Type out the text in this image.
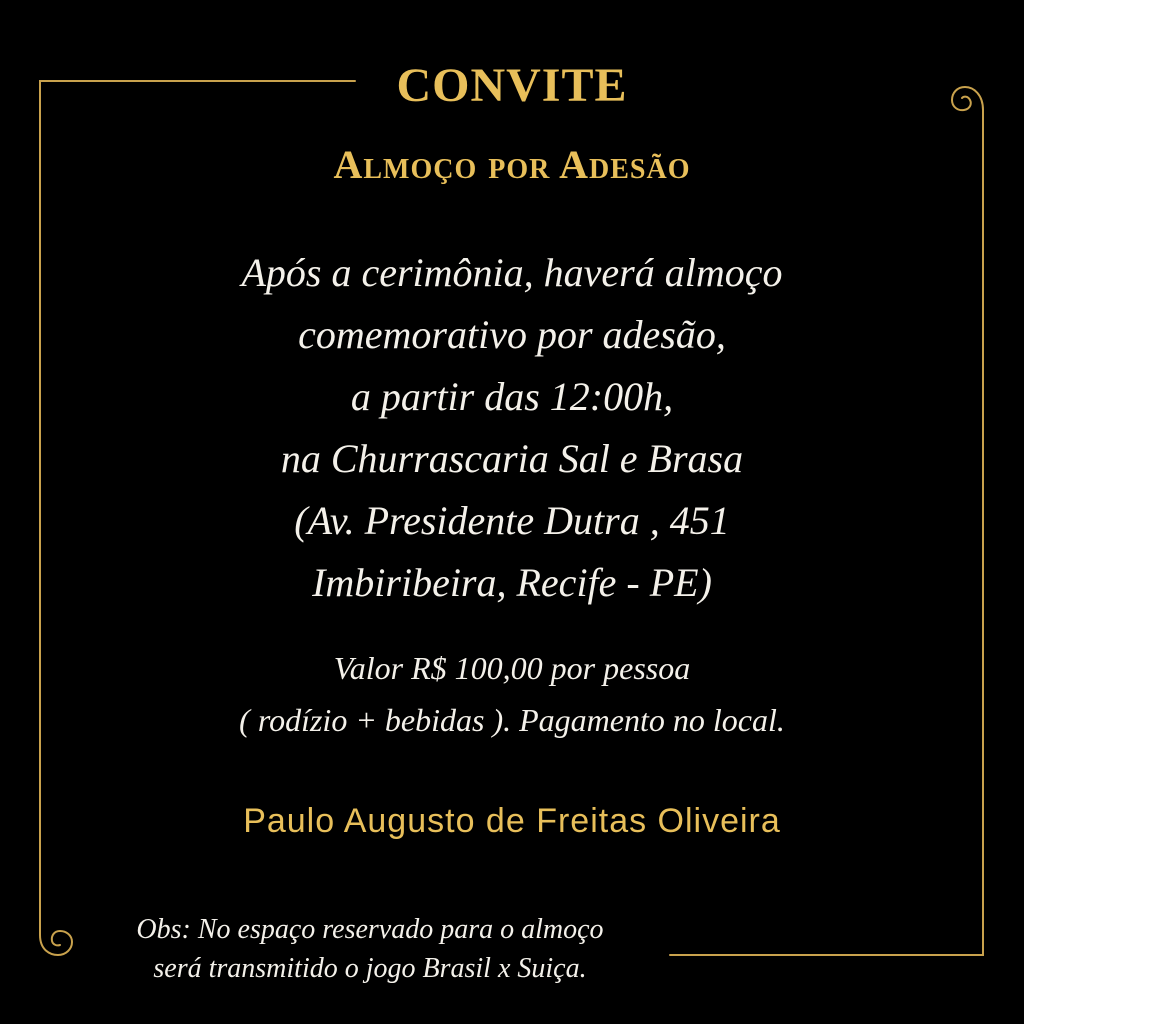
CONVITE
Almoço por Adesão
Após a cerimônia, haverá almoço
comemorativo por adesão,
a partir das 12:00h,
na Churrascaria Sal e Brasa
(Av. Presidente Dutra , 451
Imbiribeira, Recife - PE)
Valor R$ 100,00 por pessoa
( rodízio + bebidas ). Pagamento no local.
Paulo Augusto de Freitas Oliveira
Obs: No espaço reservado para o almoço
será transmitido o jogo Brasil x Suiça.
